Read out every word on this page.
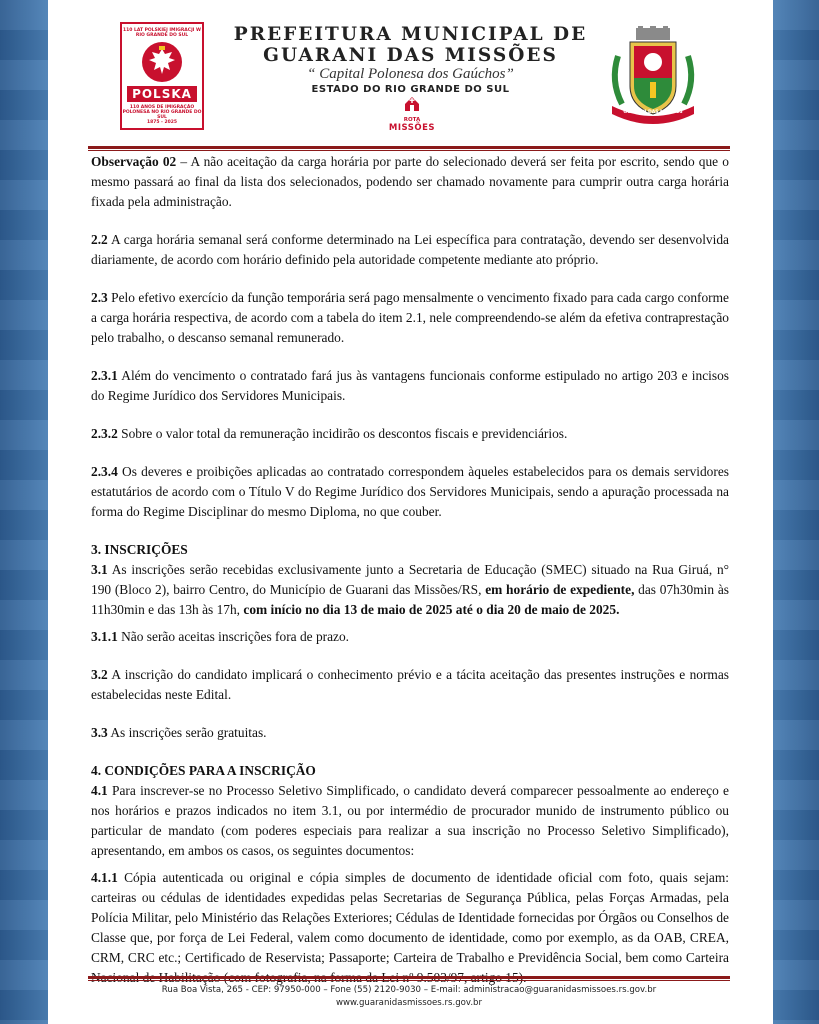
110 LAT POLSKIEJ IMIGRACJI W RIO GRANDE DO SUL
POLSKA
110 ANOS DE IMIGRAÇÃO POLONESA NO RIO GRANDE DO SUL
1875 - 2025
PREFEITURA MUNICIPAL DE
GUARANI DAS MISSÕES
“ Capital Polonesa dos Gaúchos”
ESTADO DO RIO GRANDE DO SUL
ROTA
MISSÕES
GUARANI DAS MISSÕES

Observação 02 – A não aceitação da carga horária por parte do selecionado deverá ser feita por escrito, sendo que o mesmo passará ao final da lista dos selecionados, podendo ser chamado novamente para cumprir outra carga horária fixada pela administração.

2.2 A carga horária semanal será conforme determinado na Lei específica para contratação, devendo ser desenvolvida diariamente, de acordo com horário definido pela autoridade competente mediante ato próprio.

2.3 Pelo efetivo exercício da função temporária será pago mensalmente o vencimento fixado para cada cargo conforme a carga horária respectiva, de acordo com a tabela do item 2.1, nele compreendendo-se além da efetiva contraprestação pelo trabalho, o descanso semanal remunerado.

2.3.1 Além do vencimento o contratado fará jus às vantagens funcionais conforme estipulado no artigo 203 e incisos do Regime Jurídico dos Servidores Municipais.

2.3.2 Sobre o valor total da remuneração incidirão os descontos fiscais e previdenciários.

2.3.4 Os deveres e proibições aplicadas ao contratado correspondem àqueles estabelecidos para os demais servidores estatutários de acordo com o Título V do Regime Jurídico dos Servidores Municipais, sendo a apuração processada na forma do Regime Disciplinar do mesmo Diploma, no que couber.

3. INSCRIÇÕES

3.1 As inscrições serão recebidas exclusivamente junto a Secretaria de Educação (SMEC) situado na Rua Giruá, n° 190 (Bloco 2), bairro Centro, do Município de Guarani das Missões/RS, em horário de expediente, das 07h30min às 11h30min e das 13h às 17h, com início no dia 13 de maio de 2025 até o dia 20 de maio de 2025.

3.1.1 Não serão aceitas inscrições fora de prazo.

3.2 A inscrição do candidato implicará o conhecimento prévio e a tácita aceitação das presentes instruções e normas estabelecidas neste Edital.

3.3 As inscrições serão gratuitas.

4. CONDIÇÕES PARA A INSCRIÇÃO

4.1 Para inscrever-se no Processo Seletivo Simplificado, o candidato deverá comparecer pessoalmente ao endereço e nos horários e prazos indicados no item 3.1, ou por intermédio de procurador munido de instrumento público ou particular de mandato (com poderes especiais para realizar a sua inscrição no Processo Seletivo Simplificado), apresentando, em ambos os casos, os seguintes documentos:

4.1.1 Cópia autenticada ou original e cópia simples de documento de identidade oficial com foto, quais sejam: carteiras ou cédulas de identidades expedidas pelas Secretarias de Segurança Pública, pelas Forças Armadas, pela Polícia Militar, pelo Ministério das Relações Exteriores; Cédulas de Identidade fornecidas por Órgãos ou Conselhos de Classe que, por força de Lei Federal, valem como documento de identidade, como por exemplo, as da OAB, CREA, CRM, CRC etc.; Certificado de Reservista; Passaporte; Carteira de Trabalho e Previdência Social, bem como Carteira

Rua Boa Vista, 265 - CEP: 97950-000 – Fone (55) 2120-9030 – E-mail: administracao@guaranidasmissoes.rs.gov.br
www.guaranidasmissoes.rs.gov.br
